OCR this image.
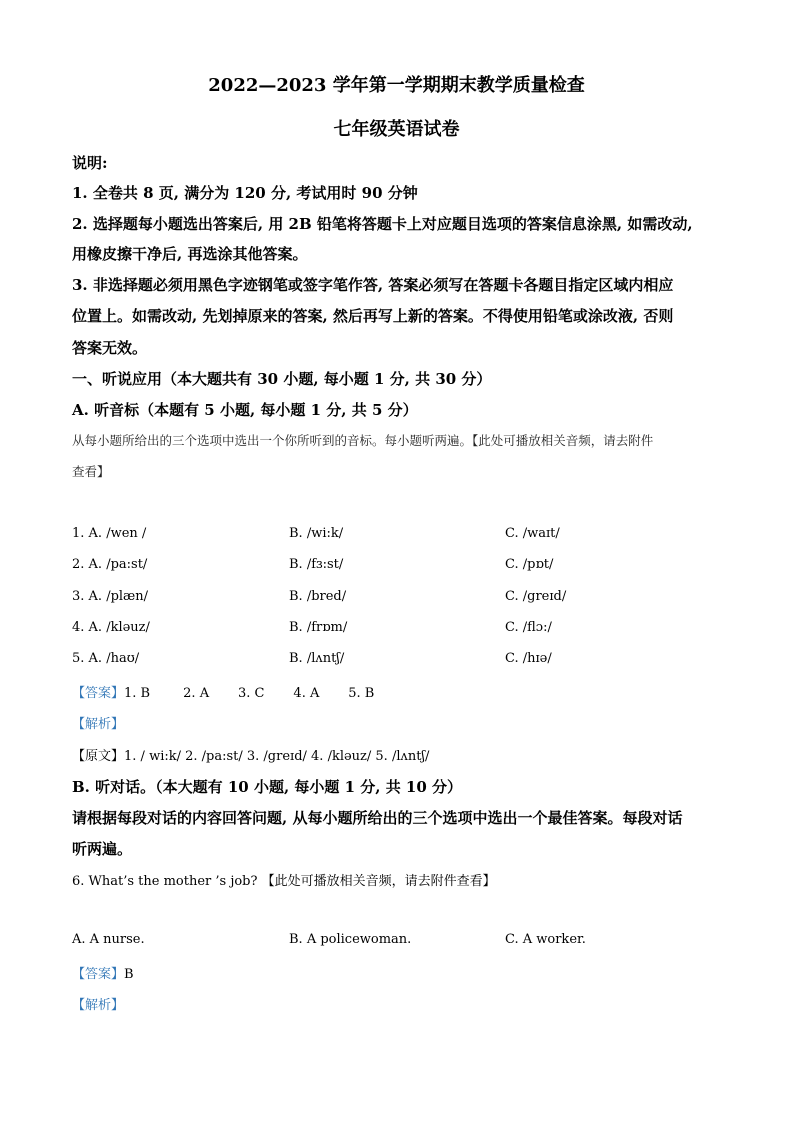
2022—2023 学年第一学期期末教学质量检查
七年级英语试卷
说明:
1. 全卷共 8 页, 满分为 120 分, 考试用时 90 分钟
2. 选择题每小题选出答案后, 用 2B 铅笔将答题卡上对应题目选项的答案信息涂黑, 如需改动,
用橡皮擦干净后, 再选涂其他答案。
3. 非选择题必须用黑色字迹钢笔或签字笔作答, 答案必须写在答题卡各题目指定区域内相应
位置上。如需改动, 先划掉原来的答案, 然后再写上新的答案。不得使用铅笔或涂改液, 否则
答案无效。
一、听说应用（本大题共有 30 小题, 每小题 1 分, 共 30 分）
A. 听音标（本题有 5 小题, 每小题 1 分, 共 5 分）
从每小题所给出的三个选项中选出一个你所听到的音标。每小题听两遍。【此处可播放相关音频，请去附件
查看】
1. A. /wen /	B. /wi:k/	C. /waɪt/
2. A. /pa:st/	B. /fɜ:st/	C. /pɒt/
3. A. /plæn/	B. /bred/	C. /greɪd/
4. A. /kləuz/	B. /frɒm/	C. /flɔ:/
5. A. /haʊ/	B. /lʌntʃ/	C. /hɪə/
【答案】1. B        2. A       3. C       4. A       5. B
【解析】
【原文】1. / wi:k/ 2. /pa:st/ 3. /greɪd/ 4. /kləuz/ 5. /lʌntʃ/
B. 听对话。（本大题有 10 小题, 每小题 1 分, 共 10 分）
请根据每段对话的内容回答问题, 从每小题所给出的三个选项中选出一个最佳答案。每段对话
听两遍。
6. What’s the mother ’s job? 【此处可播放相关音频，请去附件查看】
A. A nurse.	B. A policewoman.	C. A worker.
【答案】B
【解析】
